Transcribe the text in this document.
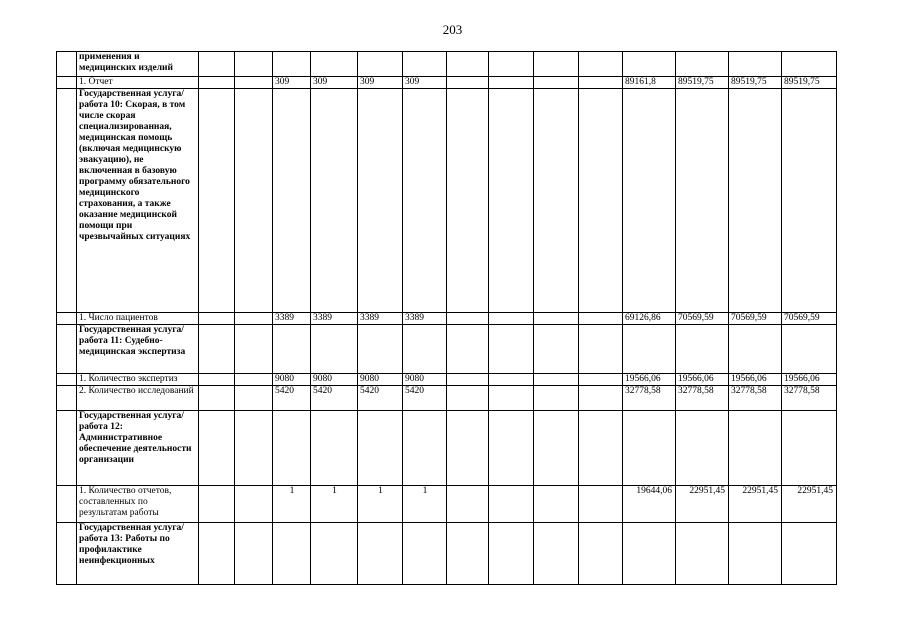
203
	применения и медицинских изделий														
	1. Отчет			309	309	309	309					89161,8	89519,75	89519,75	89519,75
	Государственная услуга/работа 10: Скорая, в том числе скорая специализированная, медицинская помощь (включая медицинскую эвакуацию), не включенная в базовую программу обязательного медицинского страхования, а также оказание медицинской помощи при чрезвычайных ситуациях														
	1. Число пациентов			3389	3389	3389	3389					69126,86	70569,59	70569,59	70569,59
	Государственная услуга/работа 11: Судебно-медицинская экспертиза														
	1. Количество экспертиз			9080	9080	9080	9080					19566,06	19566,06	19566,06	19566,06
	2. Количество исследований			5420	5420	5420	5420					32778,58	32778,58	32778,58	32778,58
	Государственная услуга/работа 12: Административное обеспечение деятельности организации														
	1. Количество отчетов, составленных по результатам работы			1	1	1	1					19644,06	22951,45	22951,45	22951,45
	Государственная услуга/работа 13: Работы по профилактике неинфекционных														
